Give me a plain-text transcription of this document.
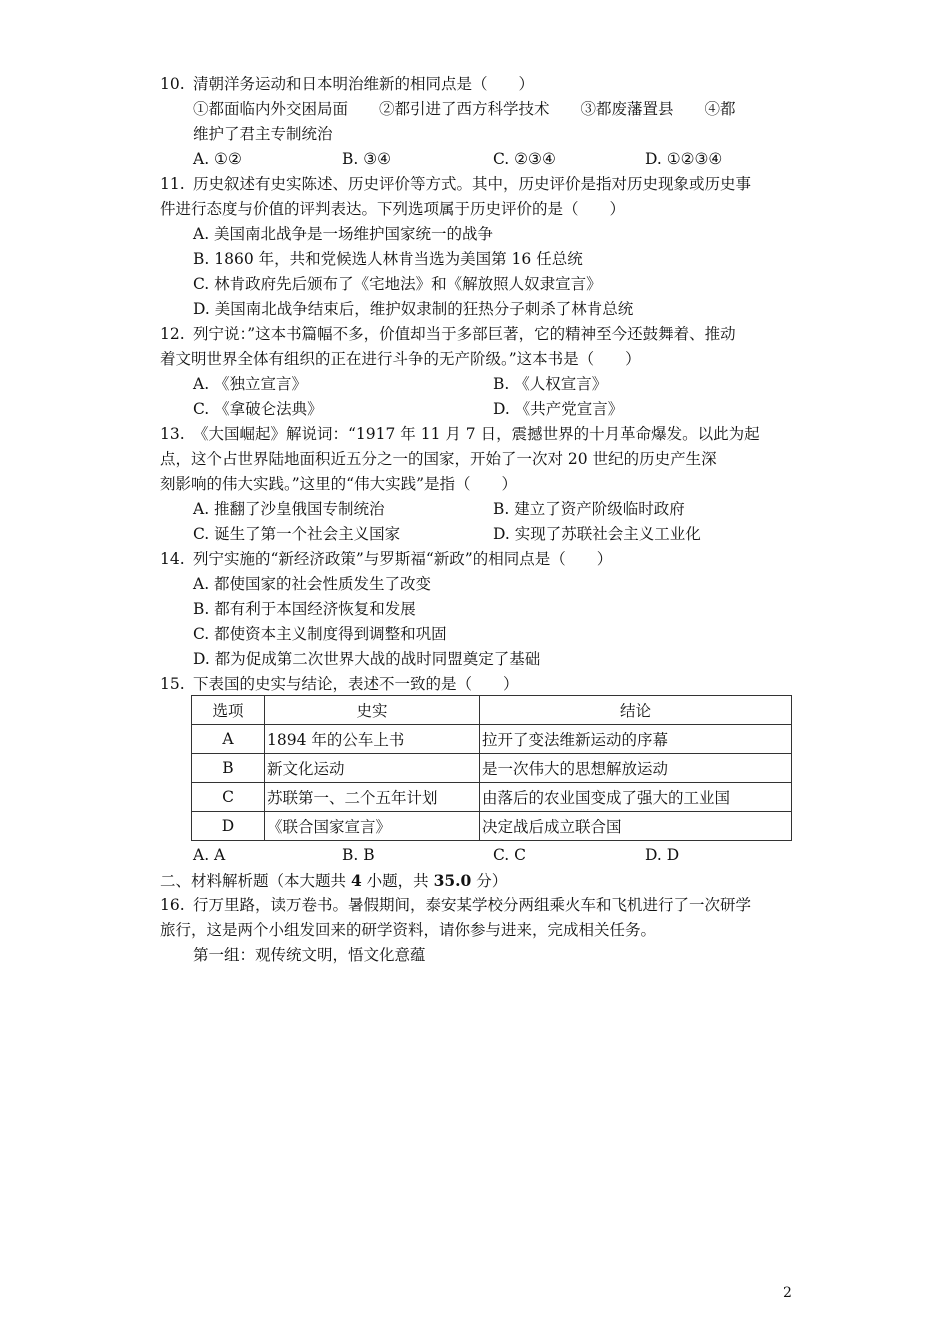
10. 清朝洋务运动和日本明治维新的相同点是（　　）
①都面临内外交困局面　　②都引进了西方科学技术　　③都废藩置县　　④都
维护了君主专制统治
A. ①②	B. ③④	C. ②③④	D. ①②③④
11. 历史叙述有史实陈述、历史评价等方式。其中，历史评价是指对历史现象或历史事
件进行态度与价值的评判表达。下列选项属于历史评价的是（　　）
A. 美国南北战争是一场维护国家统一的战争
B. 1860 年，共和党候选人林肯当选为美国第 16 任总统
C. 林肯政府先后颁布了《宅地法》和《解放照人奴隶宣言》
D. 美国南北战争结束后，维护奴隶制的狂热分子刺杀了林肯总统
12. 列宁说：”这本书篇幅不多，价值却当于多部巨著，它的精神至今还鼓舞着、推动
着文明世界全体有组织的正在进行斗争的无产阶级。”这本书是（　　）
A. 《独立宣言》	B. 《人权宣言》
C. 《拿破仑法典》	D. 《共产党宣言》
13. 《大国崛起》解说词：“1917 年 11 月 7 日，震撼世界的十月革命爆发。以此为起
点，这个占世界陆地面积近五分之一的国家，开始了一次对 20 世纪的历史产生深
刻影响的伟大实践。”这里的“伟大实践”是指（　　）
A. 推翻了沙皇俄国专制统治	B. 建立了资产阶级临时政府
C. 诞生了第一个社会主义国家	D. 实现了苏联社会主义工业化
14. 列宁实施的“新经济政策”与罗斯福“新政”的相同点是（　　）
A. 都使国家的社会性质发生了改变
B. 都有利于本国经济恢复和发展
C. 都使资本主义制度得到调整和巩固
D. 都为促成第二次世界大战的战时同盟奠定了基础
15. 下表国的史实与结论，表述不一致的是（　　）
选项	史实	结论
A	1894 年的公车上书	拉开了变法维新运动的序幕
B	新文化运动	是一次伟大的思想解放运动
C	苏联第一、二个五年计划	由落后的农业国变成了强大的工业国
D	《联合国家宣言》	决定战后成立联合国
A. A	B. B	C. C	D. D
二、材料解析题（本大题共 4 小题，共 35.0 分）
16. 行万里路，读万卷书。暑假期间，泰安某学校分两组乘火车和飞机进行了一次研学
旅行，这是两个小组发回来的研学资料，请你参与进来，完成相关任务。
第一组：观传统文明，悟文化意蕴
2
